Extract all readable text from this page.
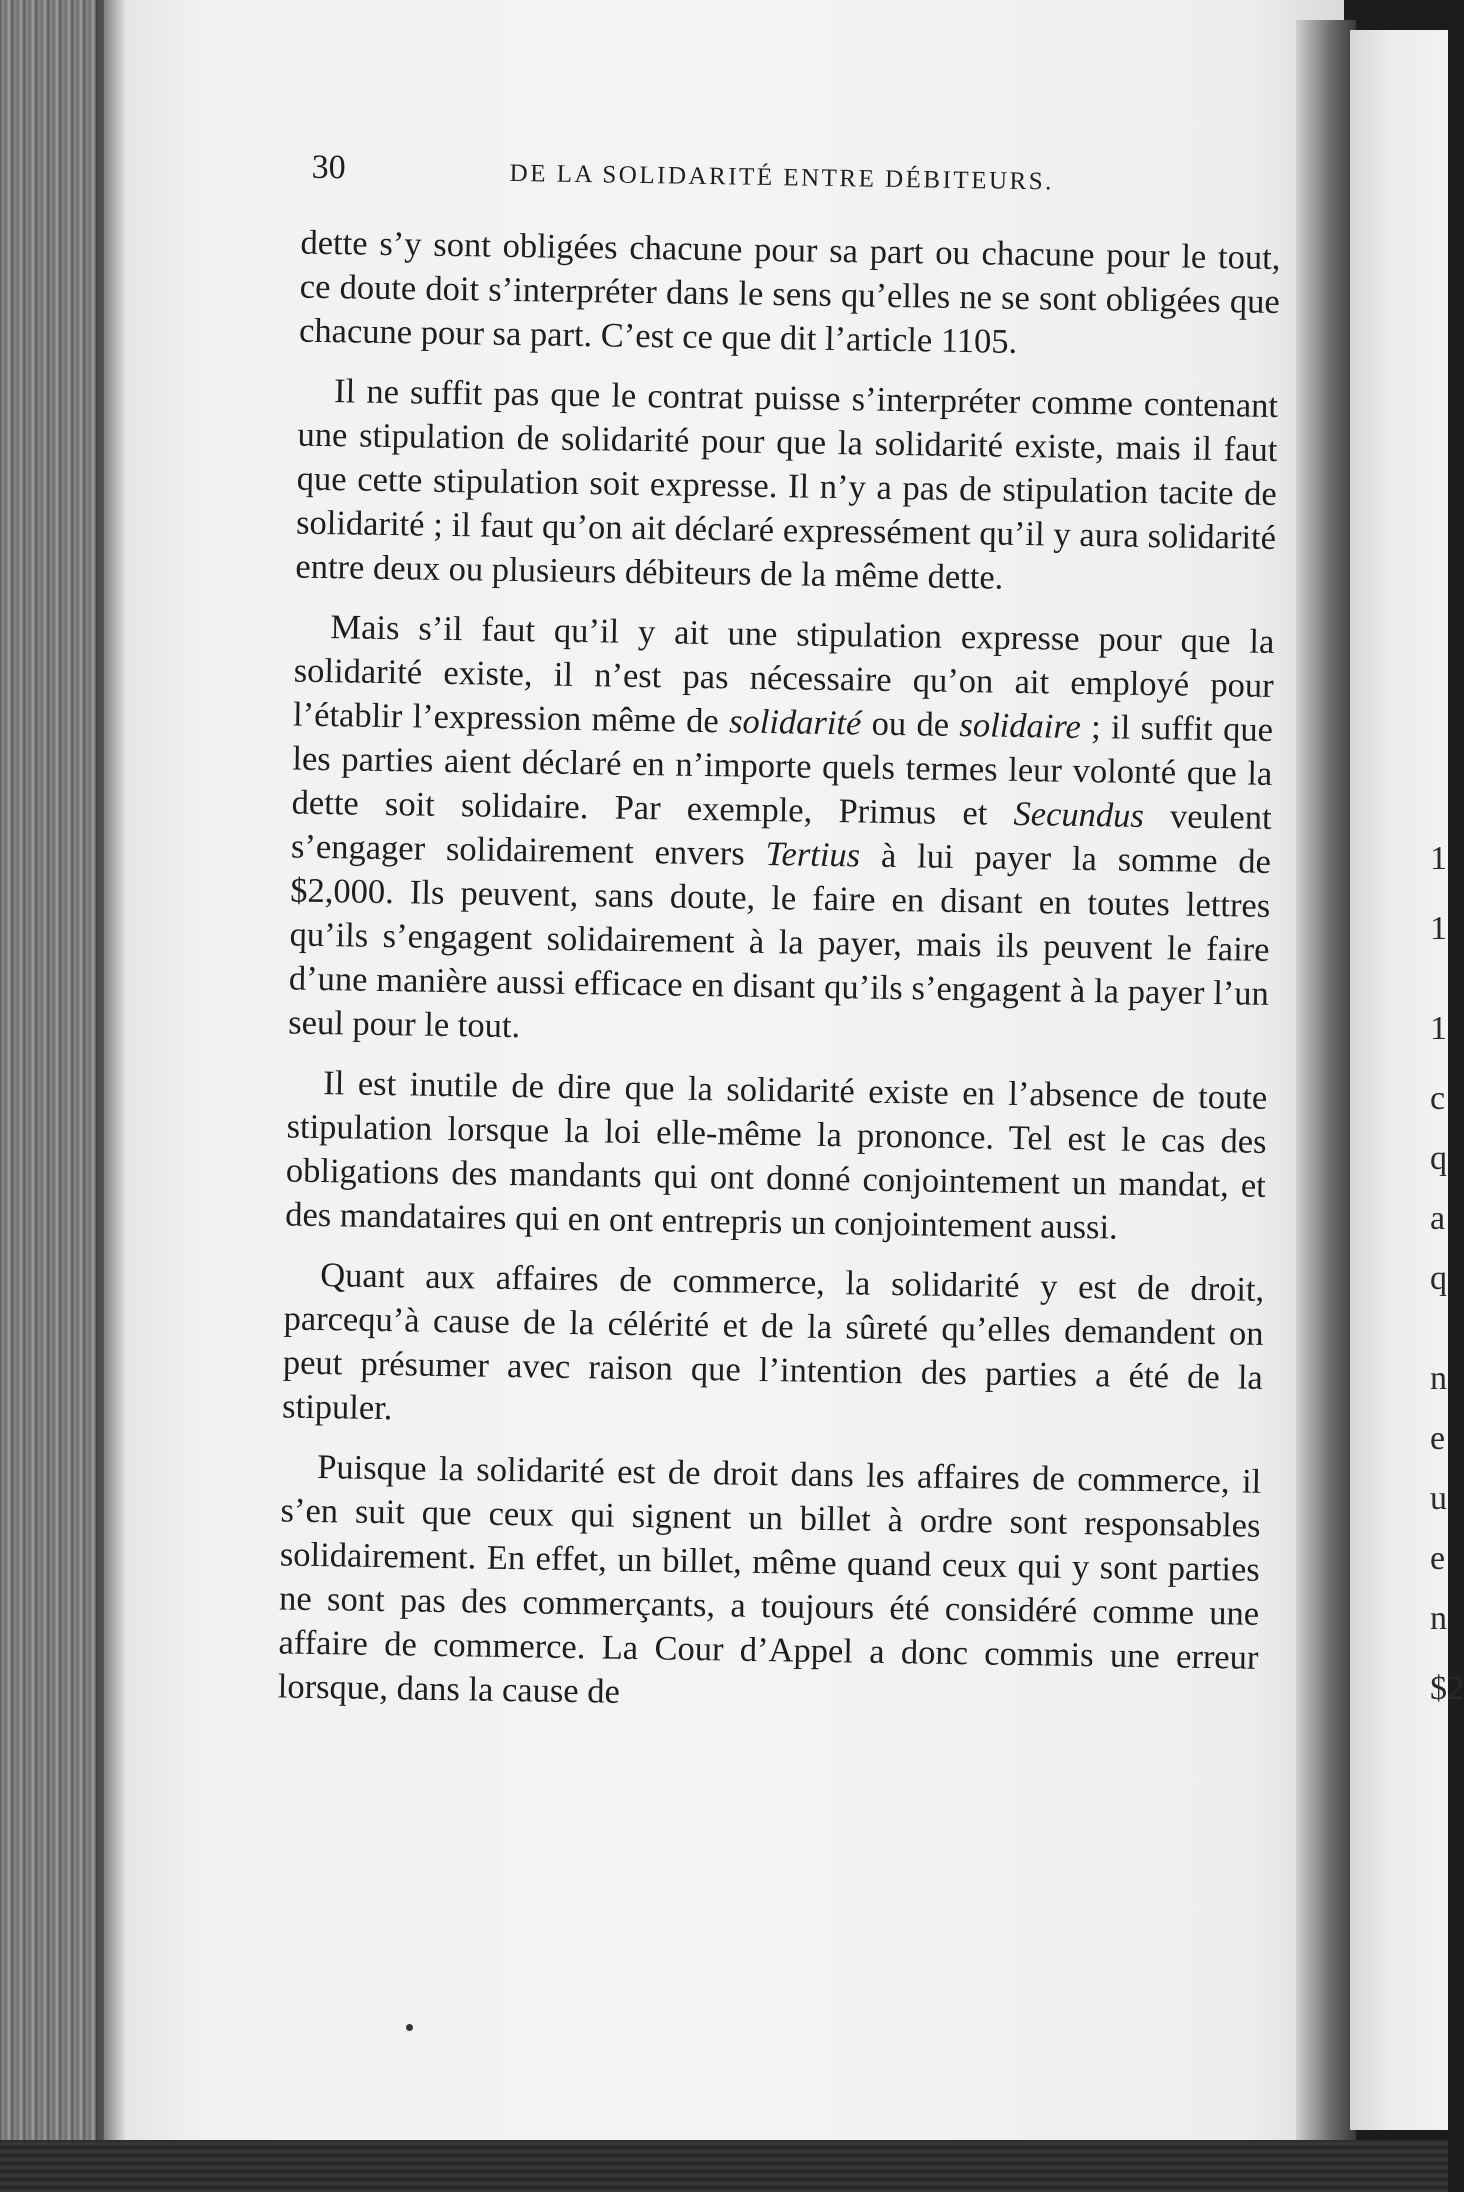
1
1
1
c
q
a
q
n
e
u
e
n
$2
30	DE LA SOLIDARITÉ ENTRE DÉBITEURS.

dette s’y sont obligées chacune pour sa part ou chacune pour le tout, ce doute doit s’interpréter dans le sens qu’elles ne se sont obligées que chacune pour sa part. C’est ce que dit l’article 1105.

Il ne suffit pas que le contrat puisse s’interpréter comme contenant une stipulation de solidarité pour que la solidarité existe, mais il faut que cette stipulation soit expresse. Il n’y a pas de stipulation tacite de solidarité ; il faut qu’on ait déclaré expressément qu’il y aura solidarité entre deux ou plusieurs débiteurs de la même dette.

Mais s’il faut qu’il y ait une stipulation expresse pour que la solidarité existe, il n’est pas nécessaire qu’on ait employé pour l’établir l’expression même de solidarité ou de solidaire ; il suffit que les parties aient déclaré en n’importe quels termes leur volonté que la dette soit solidaire. Par exemple, Primus et Secundus veulent s’engager solidairement envers Tertius à lui payer la somme de $2,000. Ils peuvent, sans doute, le faire en disant en toutes lettres qu’ils s’engagent solidairement à la payer, mais ils peuvent le faire d’une manière aussi efficace en disant qu’ils s’engagent à la payer l’un seul pour le tout.

Il est inutile de dire que la solidarité existe en l’absence de toute stipulation lorsque la loi elle-même la prononce. Tel est le cas des obligations des mandants qui ont donné conjointement un mandat, et des mandataires qui en ont entrepris un conjointement aussi.

Quant aux affaires de commerce, la solidarité y est de droit, parcequ’à cause de la célérité et de la sûreté qu’elles demandent on peut présumer avec raison que l’intention des parties a été de la stipuler.

Puisque la solidarité est de droit dans les affaires de commerce, il s’en suit que ceux qui signent un billet à ordre sont responsables solidairement. En effet, un billet, même quand ceux qui y sont parties ne sont pas des commerçants, a toujours été considéré comme une affaire de commerce. La Cour d’Appel a donc commis une erreur lorsque, dans la cause de
